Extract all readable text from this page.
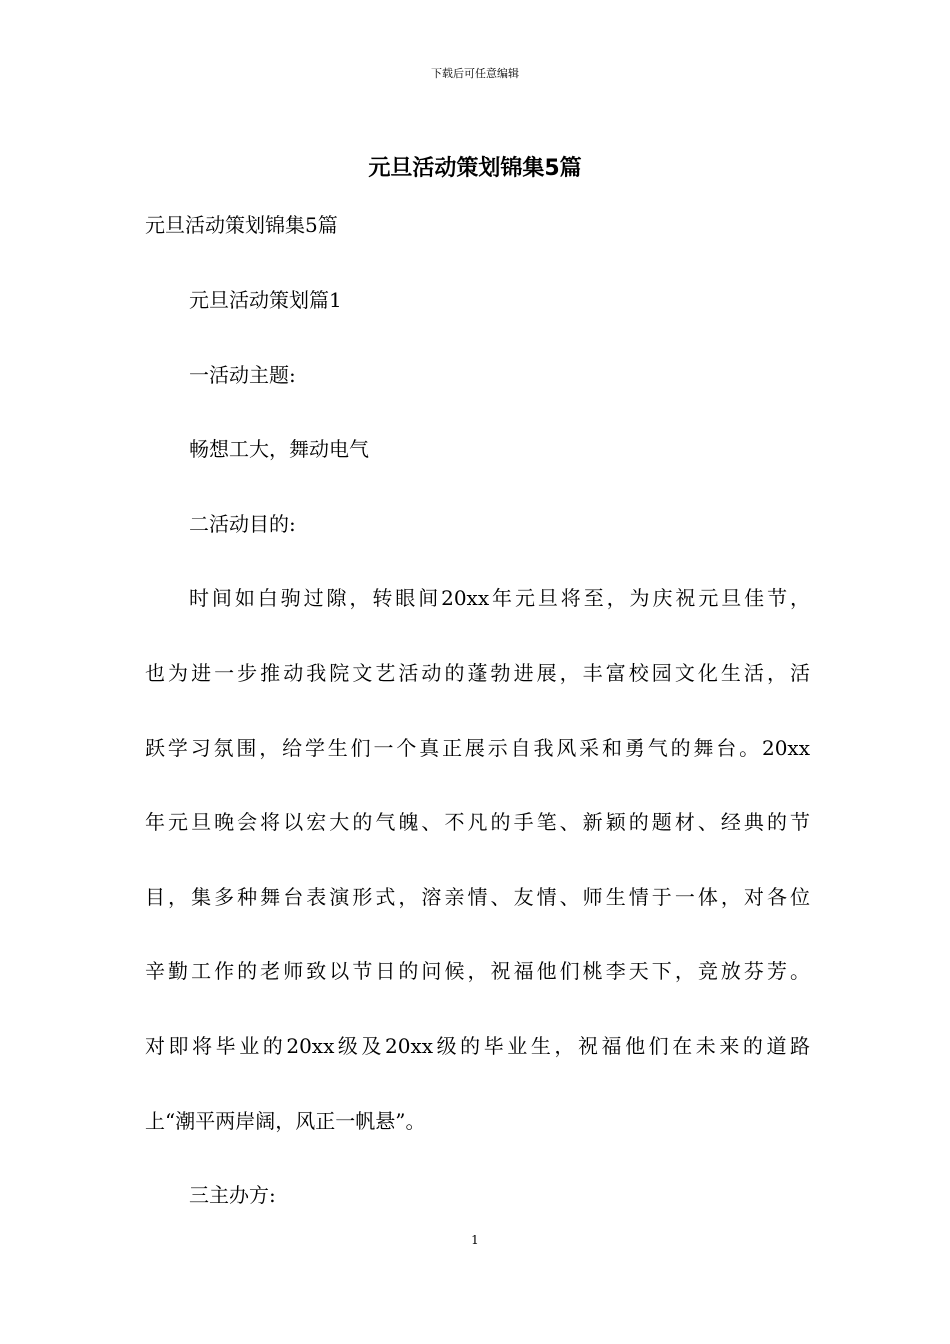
下载后可任意编辑
元旦活动策划锦集5篇

元旦活动策划锦集5篇

元旦活动策划篇1

一活动主题:

畅想工大，舞动电气

二活动目的:

时间如白驹过隙，转眼间20xx年元旦将至，为庆祝元旦佳节，

也为进一步推动我院文艺活动的蓬勃进展，丰富校园文化生活，活

跃学习氛围，给学生们一个真正展示自我风采和勇气的舞台。20xx

年元旦晚会将以宏大的气魄、不凡的手笔、新颖的题材、经典的节

目，集多种舞台表演形式，溶亲情、友情、师生情于一体，对各位

辛勤工作的老师致以节日的问候，祝福他们桃李天下，竞放芬芳。

对即将毕业的20xx级及20xx级的毕业生，祝福他们在未来的道路

上“潮平两岸阔，风正一帆悬”。

三主办方:

1
